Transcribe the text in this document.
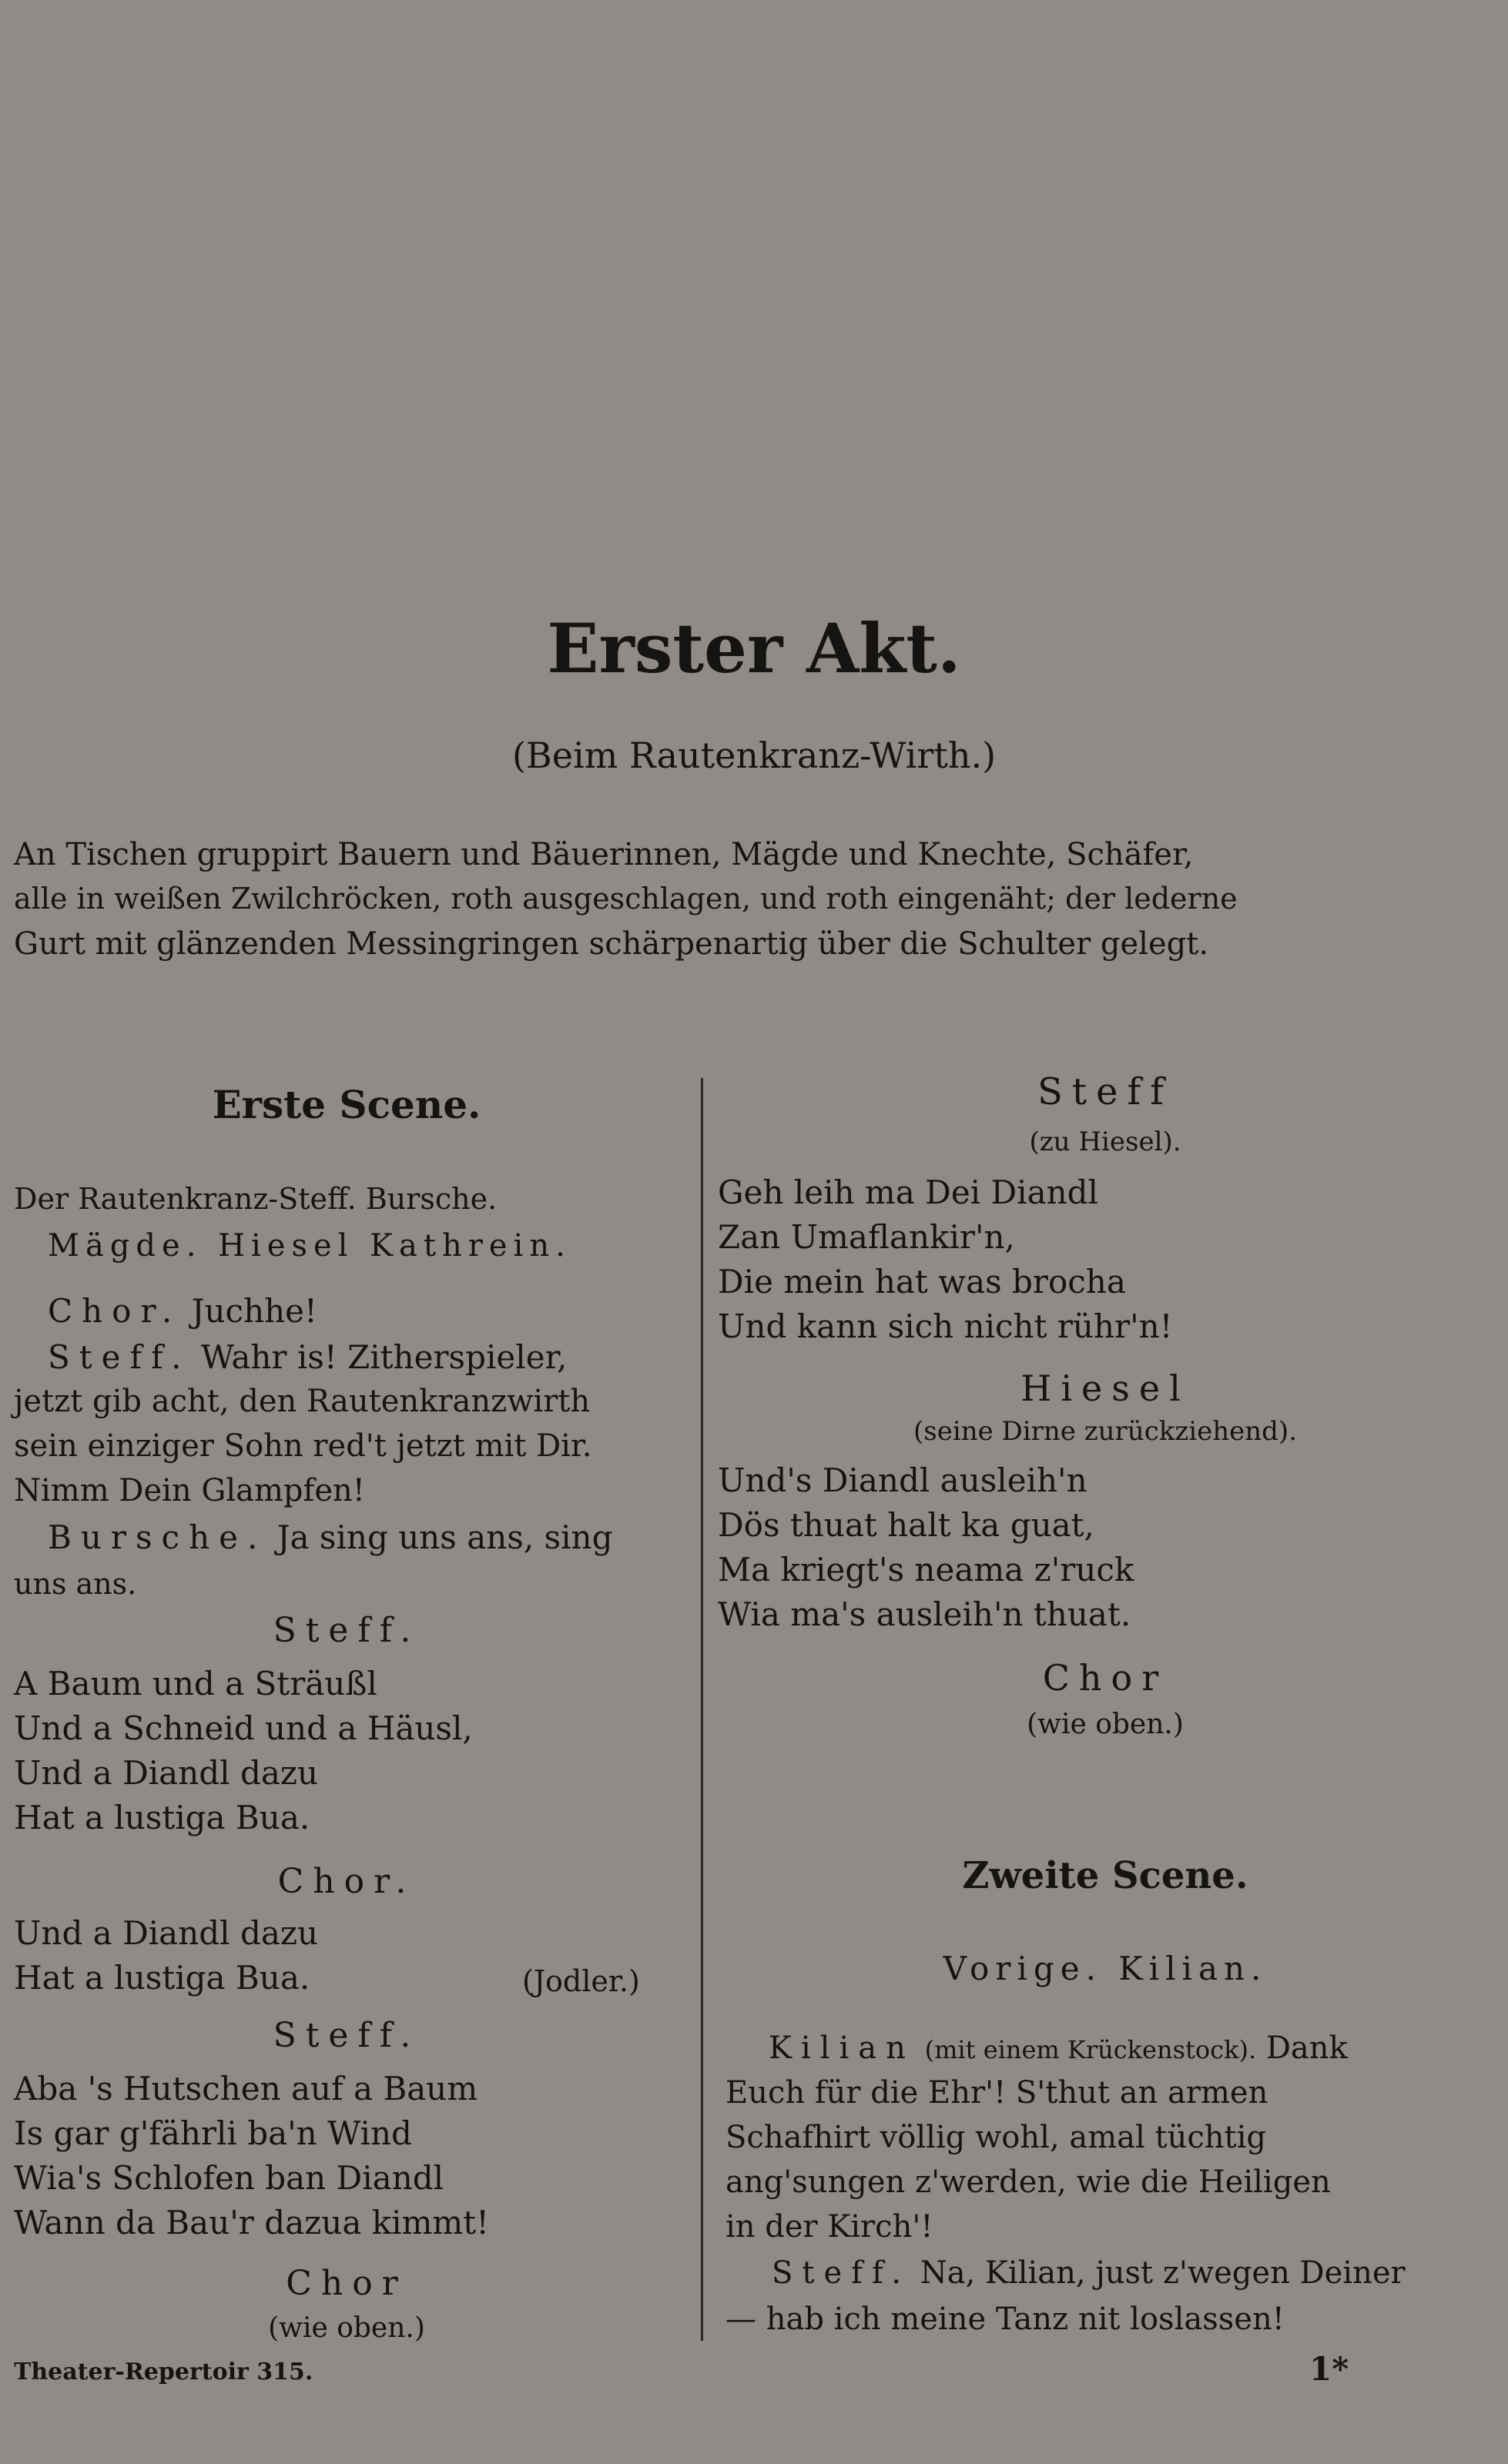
Erster Akt.
(Beim Rautenkranz-Wirth.)
An Tischen gruppirt Bauern und Bäuerinnen, Mägde und Knechte, Schäfer,
alle in weißen Zwilchröcken, roth ausgeschlagen, und roth eingenäht; der lederne
Gurt mit glänzenden Messingringen schärpenartig über die Schulter gelegt.
Erste Scene.
Der Rautenkranz-Steff. Bursche.
Mägde. Hiesel Kathrein.
Chor. Juchhe!
Steff. Wahr is! Zitherspieler,
jetzt gib acht, den Rautenkranzwirth
sein einziger Sohn red't jetzt mit Dir.
Nimm Dein Glampfen!
Bursche. Ja sing uns ans, sing
uns ans.
Steff.
A Baum und a Sträußl
Und a Schneid und a Häusl,
Und a Diandl dazu
Hat a lustiga Bua.
Chor.
Und a Diandl dazu
Hat a lustiga Bua.	(Jodler.)
Steff.
Aba 's Hutschen auf a Baum
Is gar g'fährli ba'n Wind
Wia's Schlofen ban Diandl
Wann da Bau'r dazua kimmt!
Chor
(wie oben.)
Steff
(zu Hiesel).
Geh leih ma Dei Diandl
Zan Umaflankir'n,
Die mein hat was brocha
Und kann sich nicht rühr'n!
Hiesel
(seine Dirne zurückziehend).
Und's Diandl ausleih'n
Dös thuat halt ka guat,
Ma kriegt's neama z'ruck
Wia ma's ausleih'n thuat.
Chor
(wie oben.)
Zweite Scene.
Vorige. Kilian.
Kilian (mit einem Krückenstock). Dank
Euch für die Ehr'! S'thut an armen
Schafhirt völlig wohl, amal tüchtig
ang'sungen z'werden, wie die Heiligen
in der Kirch'!
Steff. Na, Kilian, just z'wegen Deiner
— hab ich meine Tanz nit loslassen!
Theater-Repertoir 315.	1*
